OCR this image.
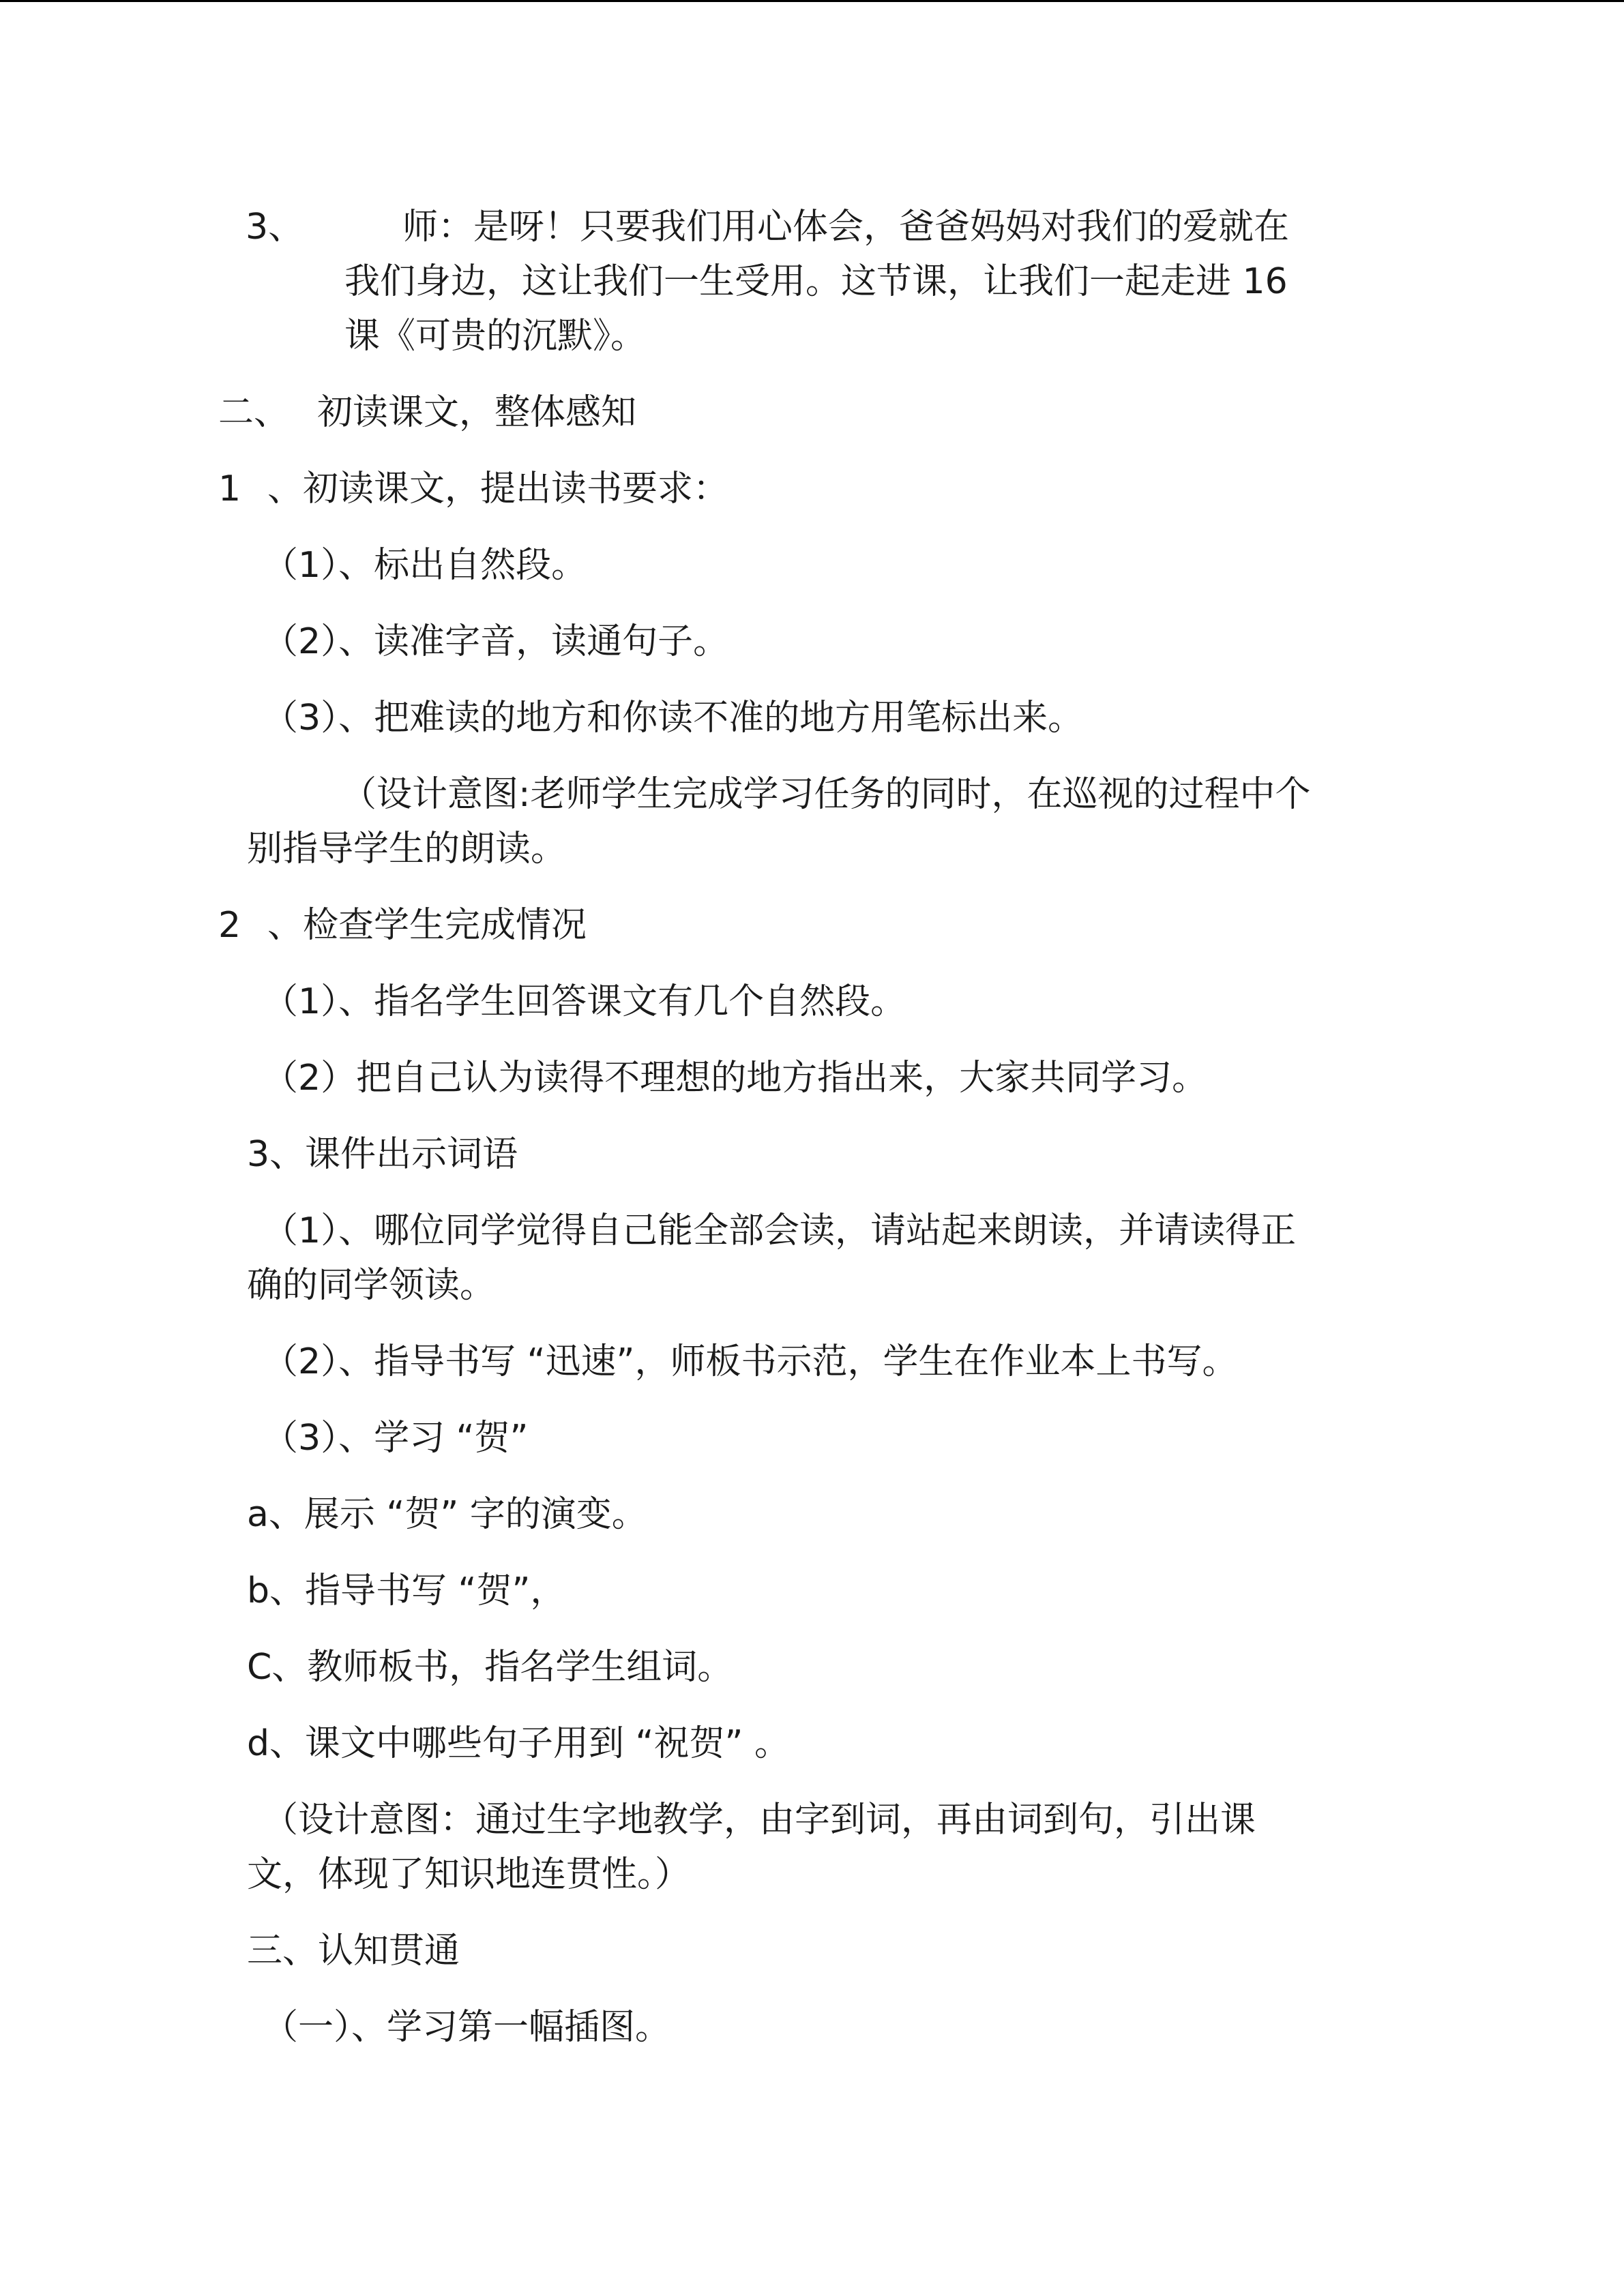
3、	师：是呀！只要我们用心体会，爸爸妈妈对我们的爱就在

我们身边，这让我们一生受用。这节课，让我们一起走进 16

课《可贵的沉默》。

二、 初读课文，整体感知
1 、初读课文，提出读书要求：

（1）、标出自然段。

（2）、读准字音，读通句子。

（3）、把难读的地方和你读不准的地方用笔标出来。

（设计意图:老师学生完成学习任务的同时，在巡视的过程中个

别指导学生的朗读。

2 、检查学生完成情况

（1）、指名学生回答课文有几个自然段。

（2）把自己认为读得不理想的地方指出来，大家共同学习。

3、课件出示词语

（1）、哪位同学觉得自己能全部会读，请站起来朗读，并请读得正

确的同学领读。

（2）、指导书写 “迅速”，师板书示范，学生在作业本上书写。

（3）、学习 “贺”

a、展示 “贺” 字的演变。

b、指导书写 “贺”，

C、教师板书，指名学生组词。

d、课文中哪些句子用到 “祝贺” 。

（设计意图：通过生字地教学，由字到词，再由词到句，引出课

文，体现了知识地连贯性。）

三、认知贯通

（一）、学习第一幅插图。
